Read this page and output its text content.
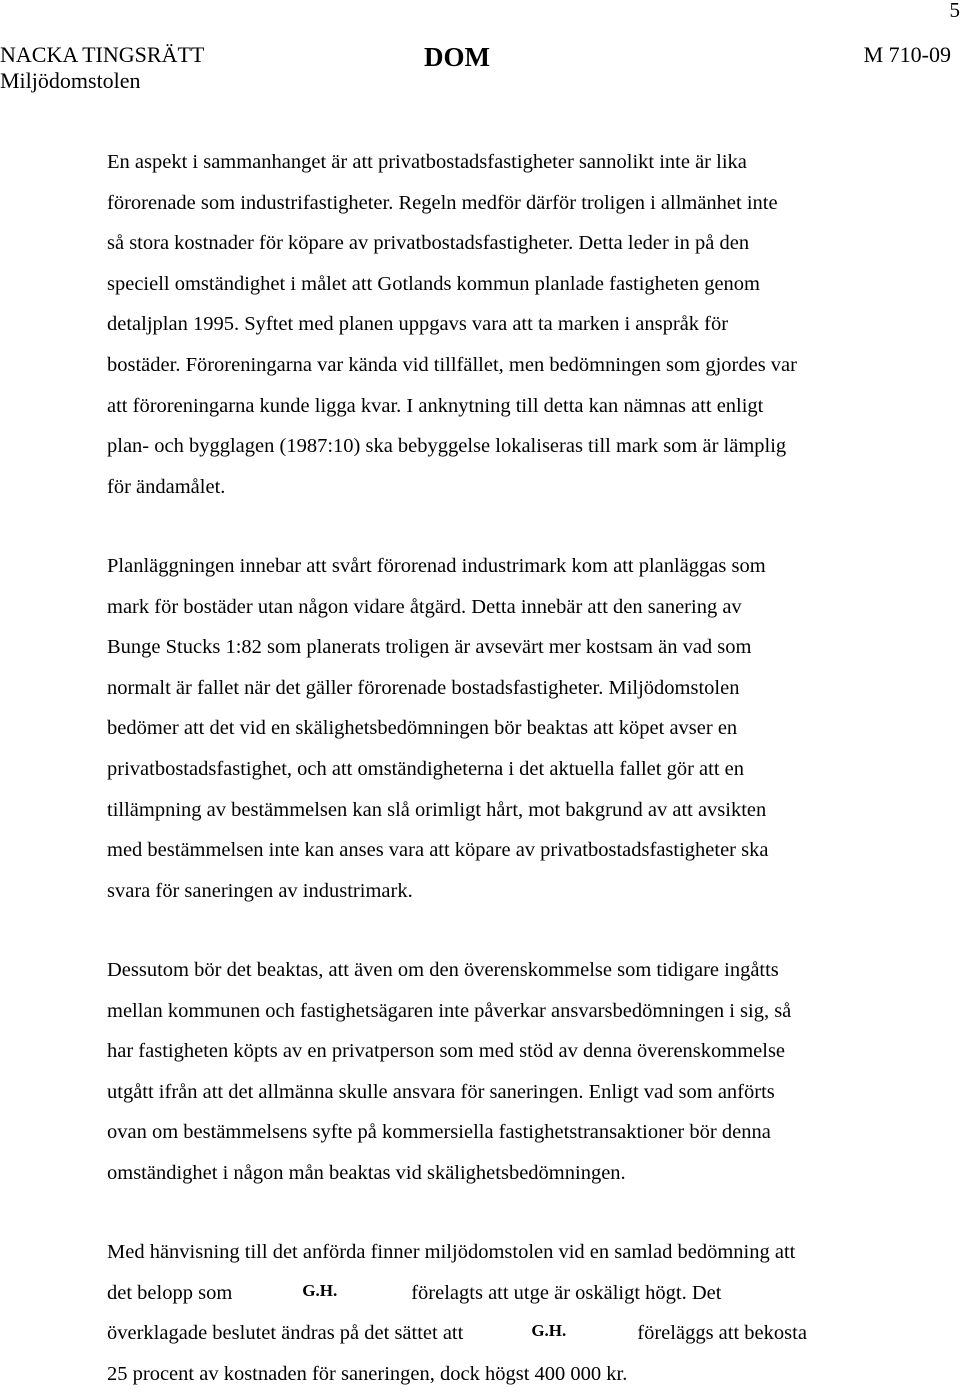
5
NACKA TINGSRÄTT
Miljödomstolen
DOM	M 710-09
En aspekt i sammanhanget är att privatbostadsfastigheter sannolikt inte är lika
förorenade som industrifastigheter. Regeln medför därför troligen i allmänhet inte
så stora kostnader för köpare av privatbostadsfastigheter. Detta leder in på den
speciell omständighet i målet att Gotlands kommun planlade fastigheten genom
detaljplan 1995. Syftet med planen uppgavs vara att ta marken i anspråk för
bostäder. Föroreningarna var kända vid tillfället, men bedömningen som gjordes var
att föroreningarna kunde ligga kvar. I anknytning till detta kan nämnas att enligt
plan- och bygglagen (1987:10) ska bebyggelse lokaliseras till mark som är lämplig
för ändamålet.
Planläggningen innebar att svårt förorenad industrimark kom att planläggas som
mark för bostäder utan någon vidare åtgärd. Detta innebär att den sanering av
Bunge Stucks 1:82 som planerats troligen är avsevärt mer kostsam än vad som
normalt är fallet när det gäller förorenade bostadsfastigheter. Miljödomstolen
bedömer att det vid en skälighetsbedömningen bör beaktas att köpet avser en
privatbostadsfastighet, och att omständigheterna i det aktuella fallet gör att en
tillämpning av bestämmelsen kan slå orimligt hårt, mot bakgrund av att avsikten
med bestämmelsen inte kan anses vara att köpare av privatbostadsfastigheter ska
svara för saneringen av industrimark.
Dessutom bör det beaktas, att även om den överenskommelse som tidigare ingåtts
mellan kommunen och fastighetsägaren inte påverkar ansvarsbedömningen i sig, så
har fastigheten köpts av en privatperson som med stöd av denna överenskommelse
utgått ifrån att det allmänna skulle ansvara för saneringen. Enligt vad som anförts
ovan om bestämmelsens syfte på kommersiella fastighetstransaktioner bör denna
omständighet i någon mån beaktas vid skälighetsbedömningen.
Med hänvisning till det anförda finner miljödomstolen vid en samlad bedömning att
det belopp som	G.H.	förelagts att utge är oskäligt högt. Det
överklagade beslutet ändras på det sättet att	G.H.	föreläggs att bekosta
25 procent av kostnaden för saneringen, dock högst 400 000 kr.
